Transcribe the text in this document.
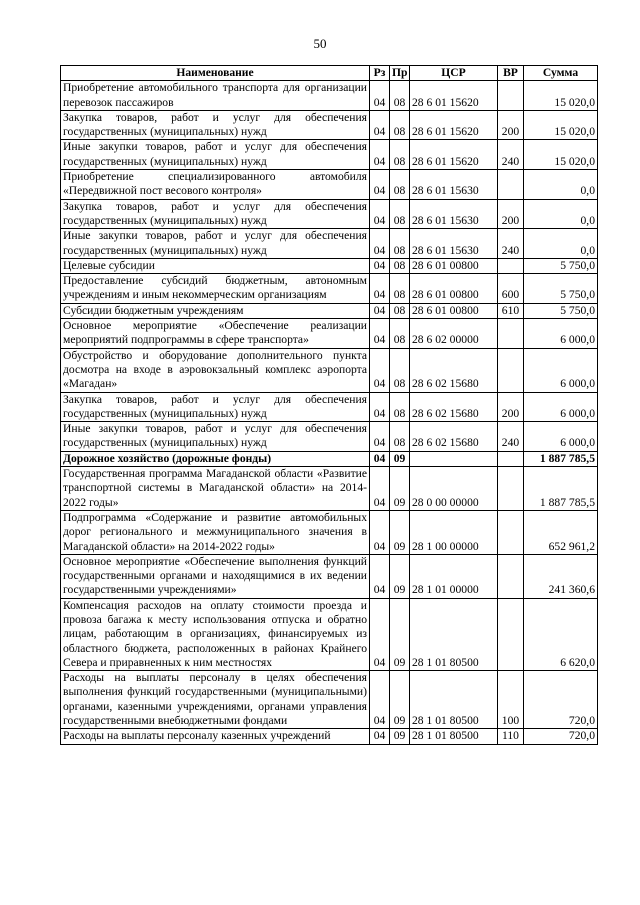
50
Наименование	Рз	Пр	ЦСР	ВР	Сумма
Приобретение автомобильного транспорта для организации перевозок пассажиров	04	08	28 6 01 15620		15 020,0
Закупка товаров, работ и услуг для обеспечения государственных (муниципальных) нужд	04	08	28 6 01 15620	200	15 020,0
Иные закупки товаров, работ и услуг для обеспечения государственных (муниципальных) нужд	04	08	28 6 01 15620	240	15 020,0
Приобретение специализированного автомобиля «Передвижной пост весового контроля»	04	08	28 6 01 15630		0,0
Закупка товаров, работ и услуг для обеспечения государственных (муниципальных) нужд	04	08	28 6 01 15630	200	0,0
Иные закупки товаров, работ и услуг для обеспечения государственных (муниципальных) нужд	04	08	28 6 01 15630	240	0,0
Целевые субсидии	04	08	28 6 01 00800		5 750,0
Предоставление субсидий бюджетным, автономным учреждениям и иным некоммерческим организациям	04	08	28 6 01 00800	600	5 750,0
Субсидии бюджетным учреждениям	04	08	28 6 01 00800	610	5 750,0
Основное мероприятие «Обеспечение реализации мероприятий подпрограммы в сфере транспорта»	04	08	28 6 02 00000		6 000,0
Обустройство и оборудование дополнительного пункта досмотра на входе в аэровокзальный комплекс аэропорта «Магадан»	04	08	28 6 02 15680		6 000,0
Закупка товаров, работ и услуг для обеспечения государственных (муниципальных) нужд	04	08	28 6 02 15680	200	6 000,0
Иные закупки товаров, работ и услуг для обеспечения государственных (муниципальных) нужд	04	08	28 6 02 15680	240	6 000,0
Дорожное хозяйство (дорожные фонды)	04	09			1 887 785,5
Государственная программа Магаданской области «Развитие транспортной системы в Магаданской области» на 2014-2022 годы»	04	09	28 0 00 00000		1 887 785,5
Подпрограмма «Содержание и развитие автомобильных дорог регионального и межмуниципального значения в Магаданской области» на 2014-2022 годы»	04	09	28 1 00 00000		652 961,2
Основное мероприятие «Обеспечение выполнения функций государственными органами и находящимися в их ведении государственными учреждениями»	04	09	28 1 01 00000		241 360,6
Компенсация расходов на оплату стоимости проезда и провоза багажа к месту использования отпуска и обратно лицам, работающим в организациях, финансируемых из областного бюджета, расположенных в районах Крайнего Севера и приравненных к ним местностях	04	09	28 1 01 80500		6 620,0
Расходы на выплаты персоналу в целях обеспечения выполнения функций государственными (муниципальными) органами, казенными учреждениями, органами управления государственными внебюджетными фондами	04	09	28 1 01 80500	100	720,0
Расходы на выплаты персоналу казенных учреждений	04	09	28 1 01 80500	110	720,0
